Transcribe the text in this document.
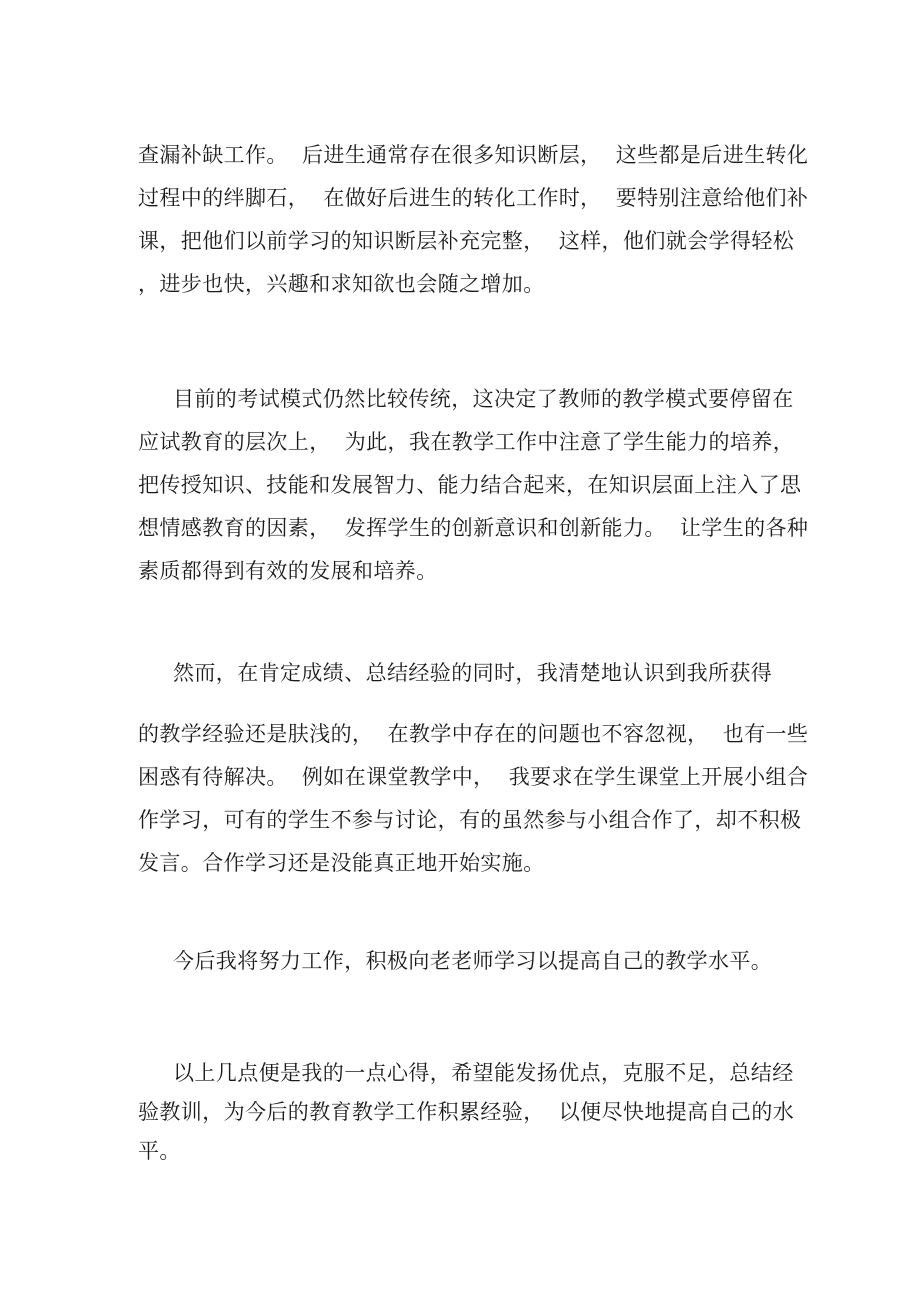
查漏补缺工作。  后进生通常存在很多知识断层，  这些都是后进生转化
过程中的绊脚石，  在做好后进生的转化工作时，  要特别注意给他们补
课，把他们以前学习的知识断层补充完整，  这样，他们就会学得轻松
，进步也快，兴趣和求知欲也会随之增加。
目前的考试模式仍然比较传统，这决定了教师的教学模式要停留在
应试教育的层次上，  为此，我在教学工作中注意了学生能力的培养，
把传授知识、技能和发展智力、能力结合起来，在知识层面上注入了思
想情感教育的因素，  发挥学生的创新意识和创新能力。  让学生的各种
素质都得到有效的发展和培养。
然而，在肯定成绩、总结经验的同时，我清楚地认识到我所获得
的教学经验还是肤浅的，  在教学中存在的问题也不容忽视，  也有一些
困惑有待解决。  例如在课堂教学中，  我要求在学生课堂上开展小组合
作学习，可有的学生不参与讨论，有的虽然参与小组合作了，却不积极
发言。合作学习还是没能真正地开始实施。
今后我将努力工作，积极向老老师学习以提高自己的教学水平。
以上几点便是我的一点心得，希望能发扬优点，克服不足，总结经
验教训，为今后的教育教学工作积累经验，  以便尽快地提高自己的水
平。
